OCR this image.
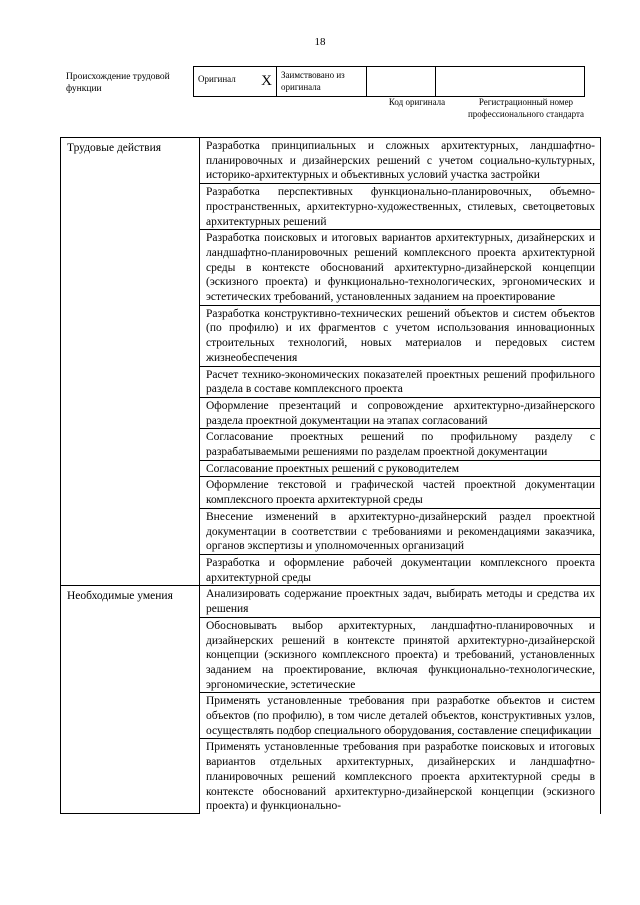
18
Происхождение трудовой функции
Оригинал X	Заимствовано из оригинала		
Код оригинала	Регистрационный номер профессионального стандарта
Трудовые действия	Разработка принципиальных и сложных архитектурных, ландшафтно-планировочных и дизайнерских решений с учетом социально-культурных, историко-архитектурных и объективных условий участка застройки
	Разработка перспективных функционально-планировочных, объемно-пространственных, архитектурно-художественных, стилевых, светоцветовых архитектурных решений
	Разработка поисковых и итоговых вариантов архитектурных, дизайнерских и ландшафтно-планировочных решений комплексного проекта архитектурной среды в контексте обоснований архитектурно-дизайнерской концепции (эскизного проекта) и функционально-технологических, эргономических и эстетических требований, установленных заданием на проектирование
	Разработка конструктивно-технических решений объектов и систем объектов (по профилю) и их фрагментов с учетом использования инновационных строительных технологий, новых материалов и передовых систем жизнеобеспечения
	Расчет технико-экономических показателей проектных решений профильного раздела в составе комплексного проекта
	Оформление презентаций и сопровождение архитектурно-дизайнерского раздела проектной документации на этапах согласований
	Согласование проектных решений по профильному разделу с разрабатываемыми решениями по разделам проектной документации
	Согласование проектных решений с руководителем
	Оформление текстовой и графической частей проектной документации комплексного проекта архитектурной среды
	Внесение изменений в архитектурно-дизайнерский раздел проектной документации в соответствии с требованиями и рекомендациями заказчика, органов экспертизы и уполномоченных организаций
	Разработка и оформление рабочей документации комплексного проекта архитектурной среды
Необходимые умения	Анализировать содержание проектных задач, выбирать методы и средства их решения
	Обосновывать выбор архитектурных, ландшафтно-планировочных и дизайнерских решений в контексте принятой архитектурно-дизайнерской концепции (эскизного комплексного проекта) и требований, установленных заданием на проектирование, включая функционально-технологические, эргономические, эстетические
	Применять установленные требования при разработке объектов и систем объектов (по профилю), в том числе деталей объектов, конструктивных узлов, осуществлять подбор специального оборудования, составление спецификации
	Применять установленные требования при разработке поисковых и итоговых вариантов отдельных архитектурных, дизайнерских и ландшафтно-планировочных решений комплексного проекта архитектурной среды в контексте обоснований архитектурно-дизайнерской концепции (эскизного проекта) и функционально-
